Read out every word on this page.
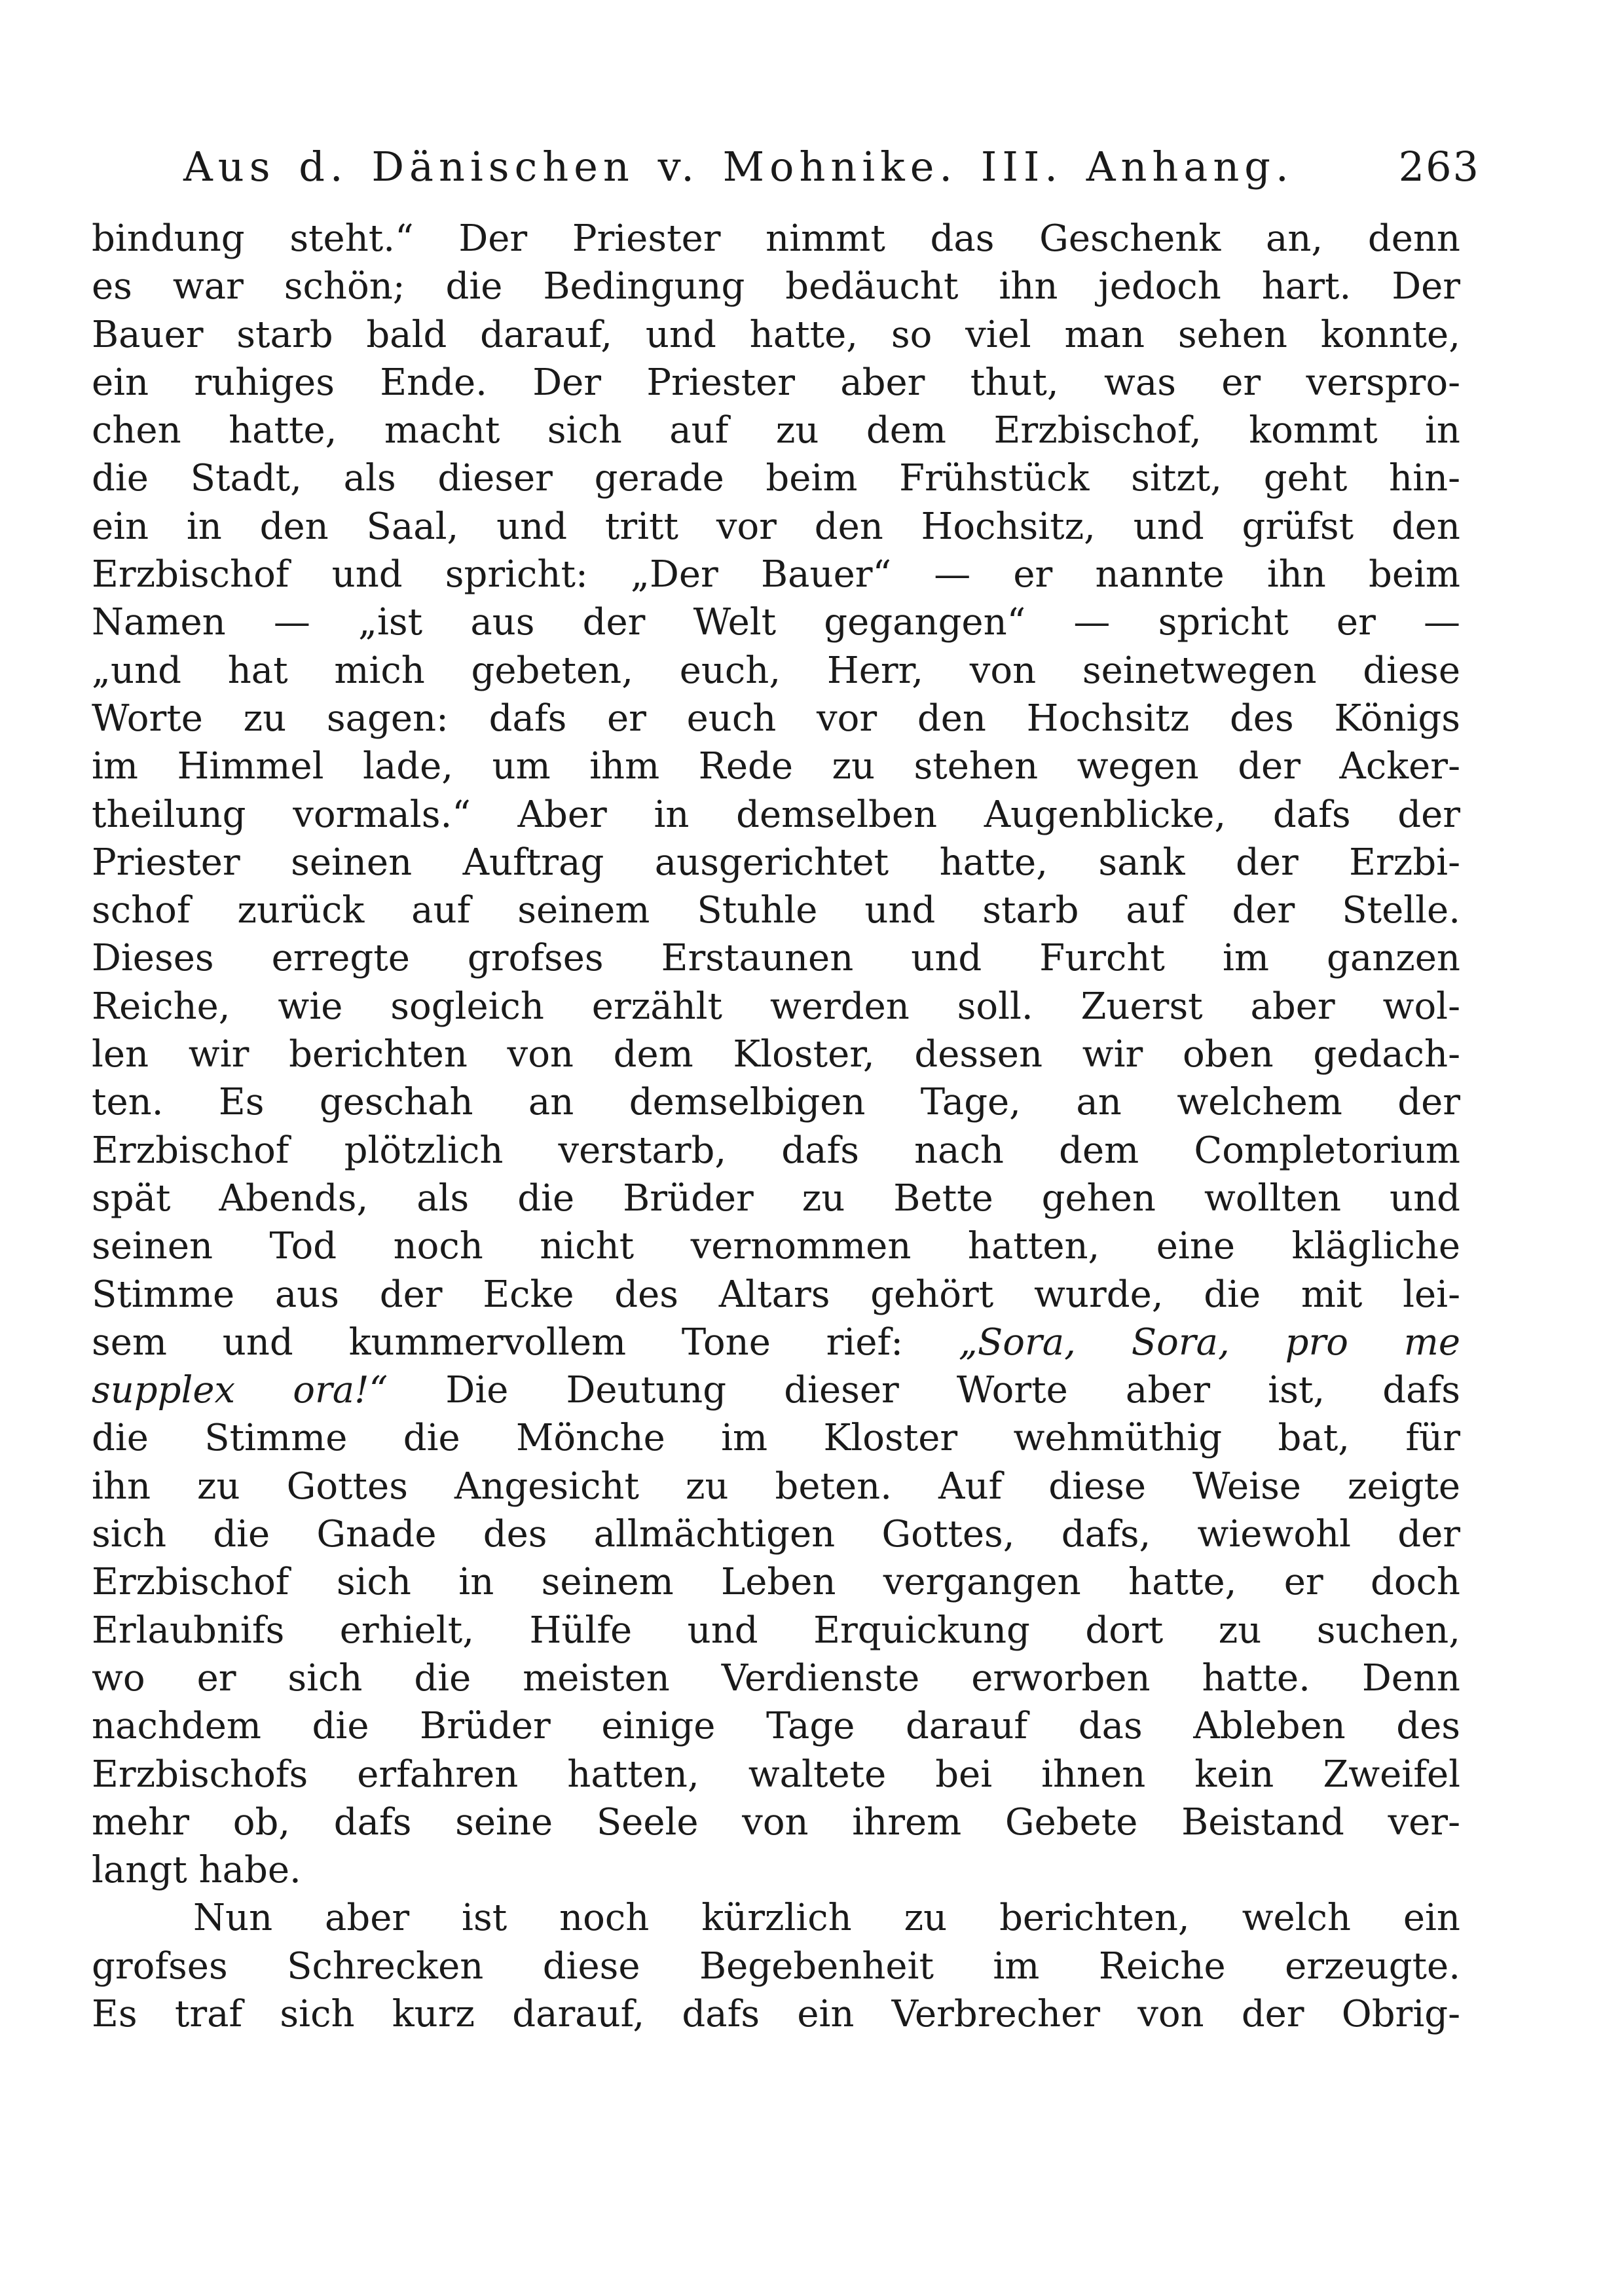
Aus d. Dänischen v. Mohnike. III. Anhang.	263
bindung steht.“ Der Priester nimmt das Geschenk an, denn
es war schön; die Bedingung bedäucht ihn jedoch hart. Der
Bauer starb bald darauf, und hatte, so viel man sehen konnte,
ein ruhiges Ende. Der Priester aber thut, was er verspro-
chen hatte, macht sich auf zu dem Erzbischof, kommt in
die Stadt, als dieser gerade beim Frühstück sitzt, geht hin-
ein in den Saal, und tritt vor den Hochsitz, und grüfst den
Erzbischof und spricht: „Der Bauer“ — er nannte ihn beim
Namen — „ist aus der Welt gegangen“ — spricht er —
„und hat mich gebeten, euch, Herr, von seinetwegen diese
Worte zu sagen: dafs er euch vor den Hochsitz des Königs
im Himmel lade, um ihm Rede zu stehen wegen der Acker-
theilung vormals.“ Aber in demselben Augenblicke, dafs der
Priester seinen Auftrag ausgerichtet hatte, sank der Erzbi-
schof zurück auf seinem Stuhle und starb auf der Stelle.
Dieses erregte grofses Erstaunen und Furcht im ganzen
Reiche, wie sogleich erzählt werden soll. Zuerst aber wol-
len wir berichten von dem Kloster, dessen wir oben gedach-
ten. Es geschah an demselbigen Tage, an welchem der
Erzbischof plötzlich verstarb, dafs nach dem Completorium
spät Abends, als die Brüder zu Bette gehen wollten und
seinen Tod noch nicht vernommen hatten, eine klägliche
Stimme aus der Ecke des Altars gehört wurde, die mit lei-
sem und kummervollem Tone rief: „Sora, Sora, pro me
supplex ora!“ Die Deutung dieser Worte aber ist, dafs
die Stimme die Mönche im Kloster wehmüthig bat, für
ihn zu Gottes Angesicht zu beten. Auf diese Weise zeigte
sich die Gnade des allmächtigen Gottes, dafs, wiewohl der
Erzbischof sich in seinem Leben vergangen hatte, er doch
Erlaubnifs erhielt, Hülfe und Erquickung dort zu suchen,
wo er sich die meisten Verdienste erworben hatte. Denn
nachdem die Brüder einige Tage darauf das Ableben des
Erzbischofs erfahren hatten, waltete bei ihnen kein Zweifel
mehr ob, dafs seine Seele von ihrem Gebete Beistand ver-
langt habe.
Nun aber ist noch kürzlich zu berichten, welch ein
grofses Schrecken diese Begebenheit im Reiche erzeugte.
Es traf sich kurz darauf, dafs ein Verbrecher von der Obrig-
